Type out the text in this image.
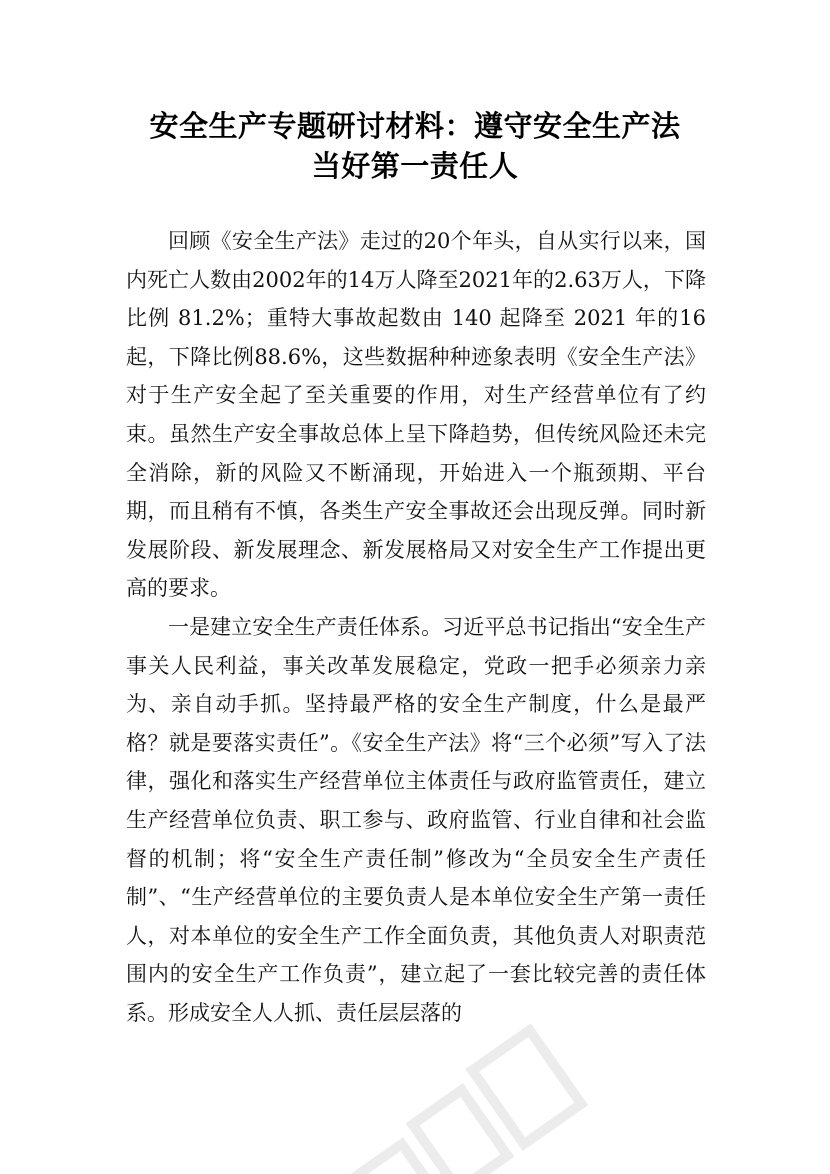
安全生产专题研讨材料：遵守安全生产法
当好第一责任人

回顾《安全生产法》走过的20个年头，自从实行以来，国内死亡人数由2002年的14万人降至2021年的2.63万人，下降比例 81.2%；重特大事故起数由 140 起降至 2021 年的16起，下降比例88.6%，这些数据种种迹象表明《安全生产法》对于生产安全起了至关重要的作用，对生产经营单位有了约束。虽然生产安全事故总体上呈下降趋势，但传统风险还未完全消除，新的风险又不断涌现，开始进入一个瓶颈期、平台期，而且稍有不慎，各类生产安全事故还会出现反弹。同时新发展阶段、新发展理念、新发展格局又对安全生产工作提出更高的要求。

一是建立安全生产责任体系。习近平总书记指出“安全生产事关人民利益，事关改革发展稳定，党政一把手必须亲力亲为、亲自动手抓。坚持最严格的安全生产制度，什么是最严格？就是要落实责任”。《安全生产法》将“三个必须”写入了法律，强化和落实生产经营单位主体责任与政府监管责任，建立生产经营单位负责、职工参与、政府监管、行业自律和社会监督的机制；将“安全生产责任制”修改为“全员安全生产责任制”、“生产经营单位的主要负责人是本单位安全生产第一责任人，对本单位的安全生产工作全面负责，其他负责人对职责范围内的安全生产工作负责”，建立起了一套比较完善的责任体系。形成安全人人抓、责任层层落的
